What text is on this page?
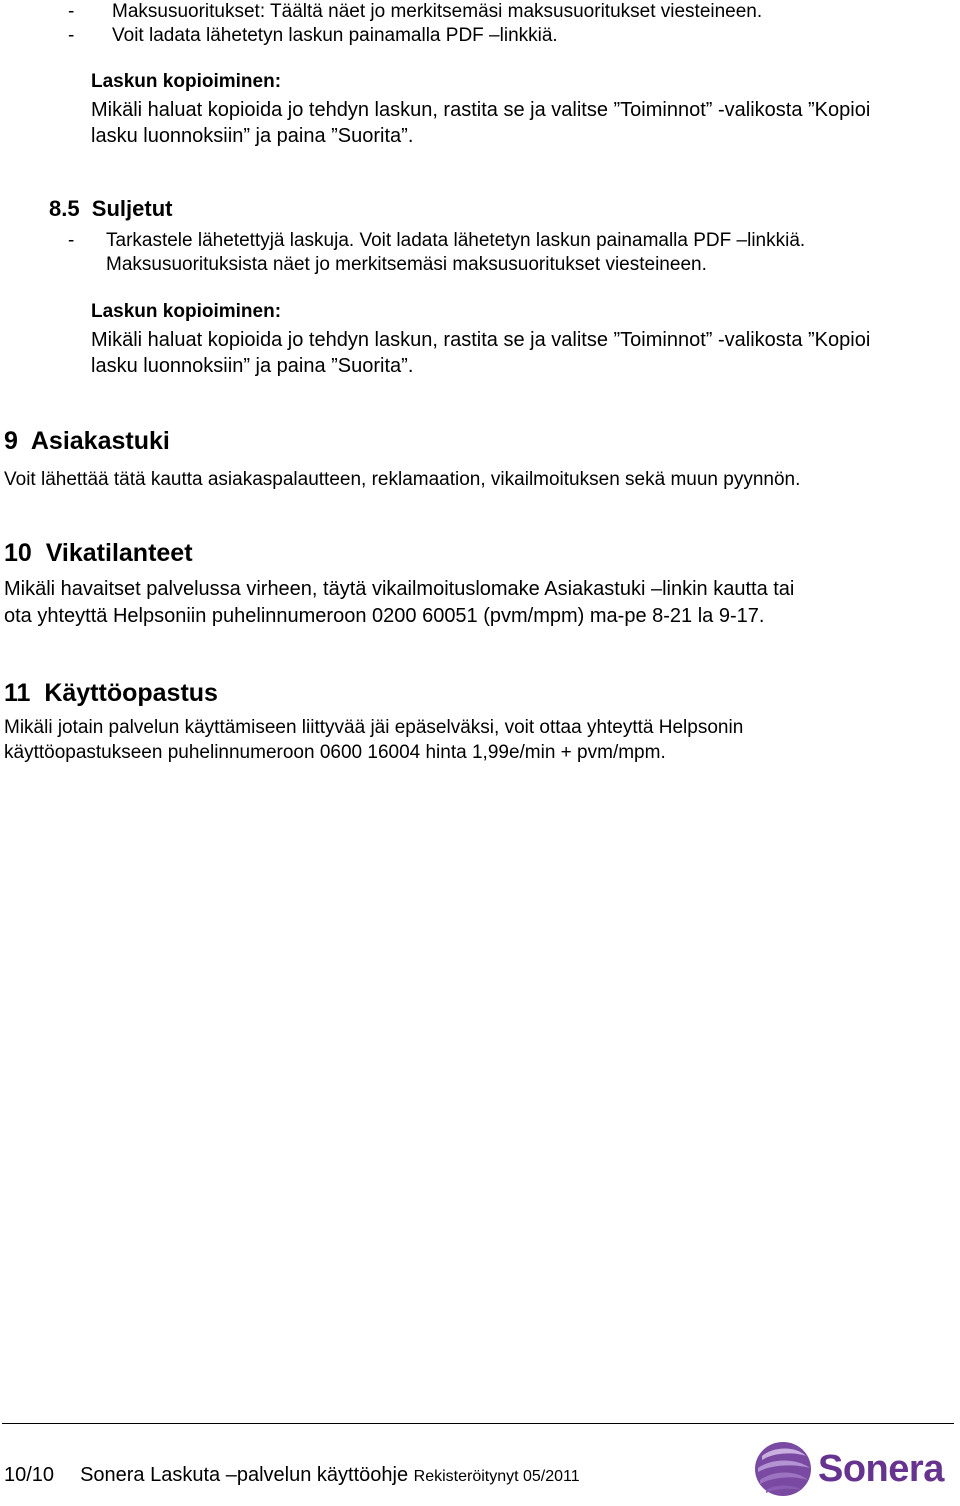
- Maksusuoritukset: Täältä näet jo merkitsemäsi maksusuoritukset viesteineen.
- Voit ladata lähetetyn laskun painamalla PDF –linkkiä.
Laskun kopioiminen:
Mikäli haluat kopioida jo tehdyn laskun, rastita se ja valitse ”Toiminnot” -valikosta ”Kopioi
lasku luonnoksiin” ja paina ”Suorita”.
8.5  Suljetut
- Tarkastele lähetettyjä laskuja. Voit ladata lähetetyn laskun painamalla PDF –linkkiä.
Maksusuorituksista näet jo merkitsemäsi maksusuoritukset viesteineen.
Laskun kopioiminen:
Mikäli haluat kopioida jo tehdyn laskun, rastita se ja valitse ”Toiminnot” -valikosta ”Kopioi
lasku luonnoksiin” ja paina ”Suorita”.
9  Asiakastuki
Voit lähettää tätä kautta asiakaspalautteen, reklamaation, vikailmoituksen sekä muun pyynnön.
10  Vikatilanteet
Mikäli havaitset palvelussa virheen, täytä vikailmoituslomake Asiakastuki –linkin kautta tai
ota yhteyttä Helpsoniin puhelinnumeroon 0200 60051 (pvm/mpm) ma-pe 8-21 la 9-17.
11  Käyttöopastus
Mikäli jotain palvelun käyttämiseen liittyvää jäi epäselväksi, voit ottaa yhteyttä Helpsonin
käyttöopastukseen puhelinnumeroon 0600 16004 hinta 1,99e/min + pvm/mpm.
10/10 Sonera Laskuta –palvelun käyttöohje Rekisteröitynyt 05/2011	Sonera
